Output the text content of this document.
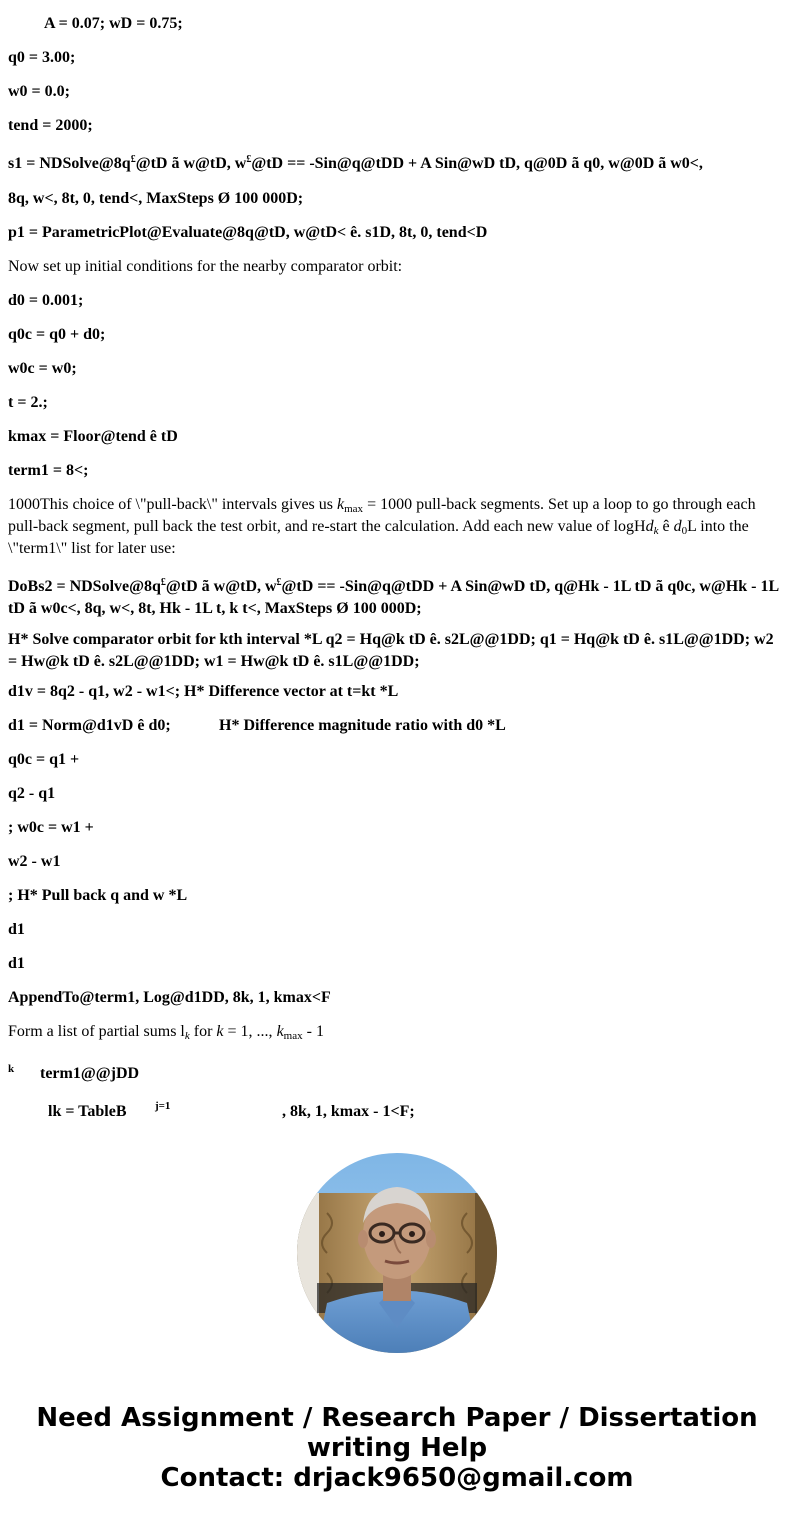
A = 0.07; wD = 0.75;
q0 = 3.00;
w0 = 0.0;
tend = 2000;
s1 = NDSolve@8q£@tD ã w@tD, w£@tD == -Sin@q@tDD + A Sin@wD tD, q@0D ã q0, w@0D ã w0<,
8q, w<, 8t, 0, tend<, MaxSteps Ø 100 000D;
p1 = ParametricPlot@Evaluate@8q@tD, w@tD< ê. s1D, 8t, 0, tend<D
Now set up initial conditions for the nearby comparator orbit:
d0 = 0.001;
q0c = q0 + d0;
w0c = w0;
t = 2.;
kmax = Floor@tend ê tD
term1 = 8<;
1000This choice of \"pull-back\" intervals gives us $k_{max} = 1000$ pull-back segments. Set up a loop to go through each pull-back segment, pull back the test orbit, and re-start the calculation. Add each new value of logHd$_k$ ê $d_0L$ into the \"term1\" list for later use:
DoBs2 = NDSolve@8q£@tD ã w@tD, w£@tD == -Sin@q@tDD + A Sin@wD tD, q@Hk - 1L tD ã q0c, w@Hk - 1L tD ã w0c<, 8q, w<, 8t, Hk - 1L t, k t<, MaxSteps Ø 100 000D;
H* Solve comparator orbit for kth interval *L q2 = Hq@k tD ê. s2L@@1DD; q1 = Hq@k tD ê. s1L@@1DD; w2 = Hw@k tD ê. s2L@@1DD; w1 = Hw@k tD ê. s1L@@1DD;
d1v = 8q2 - q1, w2 - w1<; H* Difference vector at t=kt *L
d1 = Norm@d1vD ê d0;	H* Difference magnitude ratio with d0 *L
q0c = q1 +
q2 - q1
; w0c = w1 +
w2 - w1
; H* Pull back q and w *L
d1
d1
AppendTo@term1, Log@d1DD, 8k, 1, kmax<F
Form a list of partial sums $l_k$ for k = 1, ..., $k_{max} - 1$
k term1@@jDD
lk = TableB	j=1	, 8k, 1, kmax - 1<F;
Need Assignment / Research Paper / Dissertation
writing Help
Contact: drjack9650@gmail.com
